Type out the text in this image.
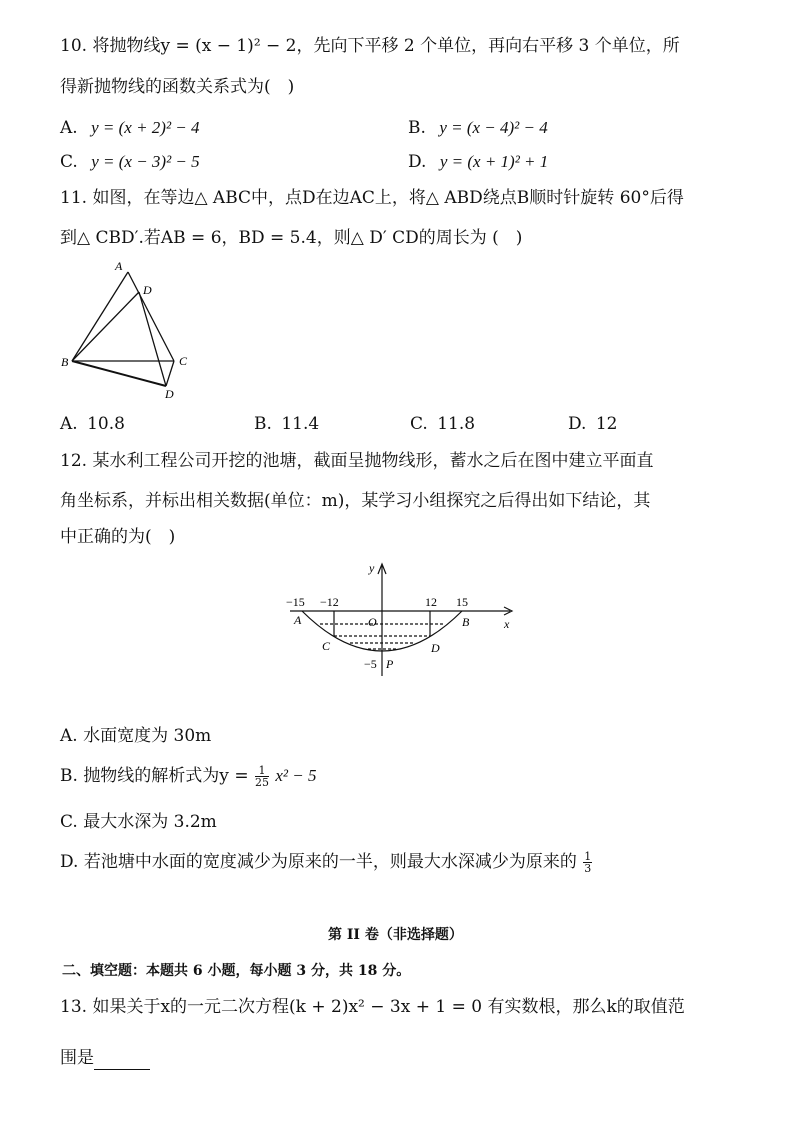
10. 将抛物线y = (x − 1)² − 2，先向下平移 2 个单位，再向右平移 3 个单位，所
得新抛物线的函数关系式为(　)
A. y = (x + 2)² − 4	B. y = (x − 4)² − 4
C. y = (x − 3)² − 5	D. y = (x + 1)² + 1
11. 如图，在等边△ ABC中，点D在边AC上，将△ ABD绕点B顺时针旋转 60°后得
到△ CBD′.若AB = 6，BD = 5.4，则△ D′ CD的周长为 (　)
A
D
B	C
D
A. 10.8	B. 11.4	C. 11.8	D. 12
12. 某水利工程公司开挖的池塘，截面呈抛物线形，蓄水之后在图中建立平面直
角坐标系，并标出相关数据(单位：m)，某学习小组探究之后得出如下结论，其
中正确的为(　)
y
x
−15 −12	12 15
O
A	B
C	D
−5 P
A. 水面宽度为 30m
B. 抛物线的解析式为$y = \frac{1}{25} x^2 - 5$
C. 最大水深为 3.2m
D. 若池塘中水面的宽度减少为原来的一半，则最大水深减少为原来的 $\frac{1}{3}$
第 II 卷（非选择题）
二、填空题：本题共 6 小题，每小题 3 分，共 18 分。
13. 如果关于x的一元二次方程(k + 2)x² − 3x + 1 = 0 有实数根，那么k的取值范
围是
